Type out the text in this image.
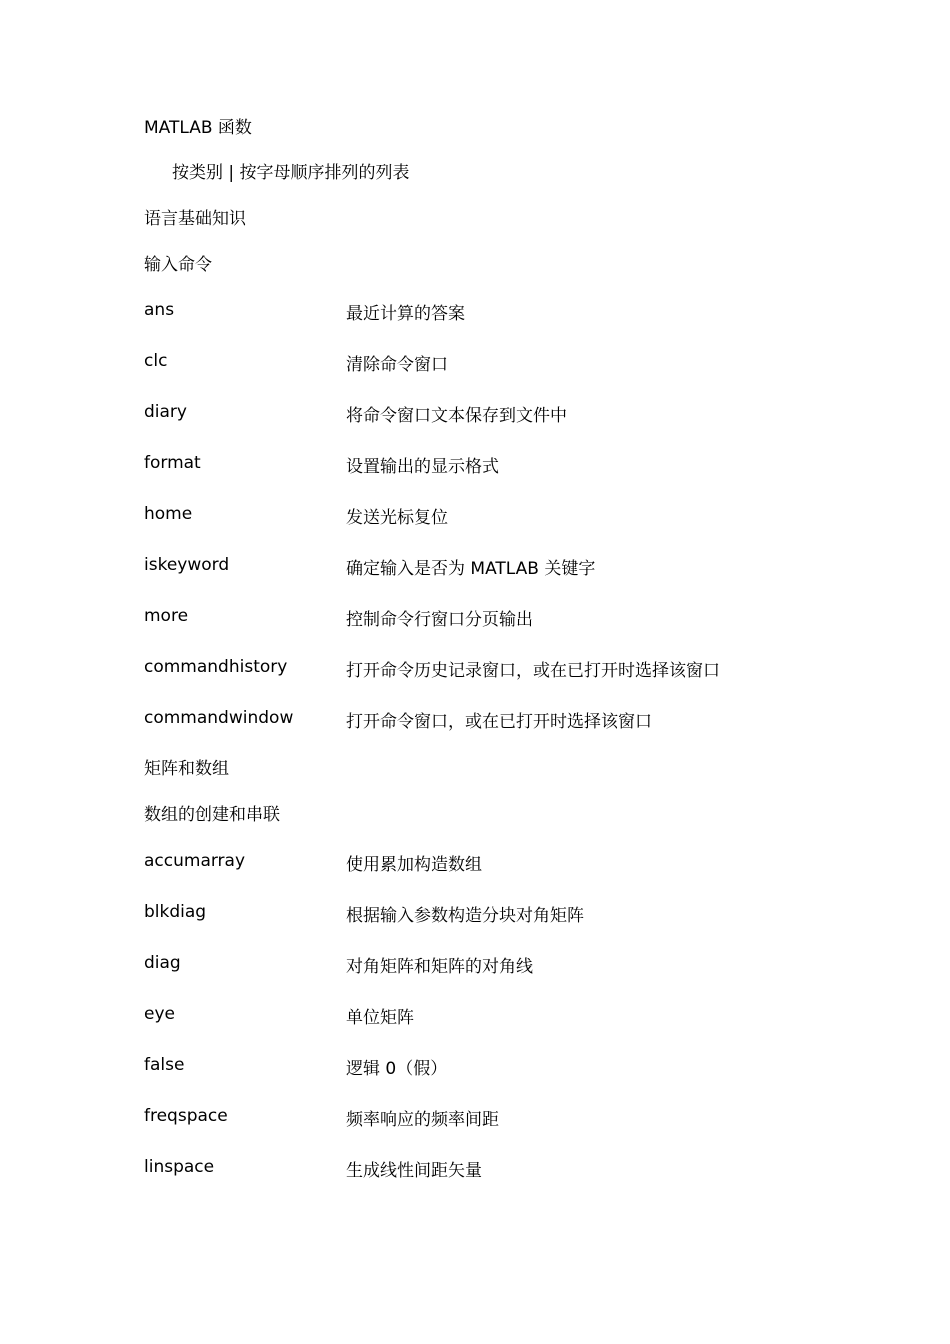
MATLAB 函数
按类别 | 按字母顺序排列的列表
语言基础知识
输入命令
ans	最近计算的答案
clc	清除命令窗口
diary	将命令窗口文本保存到文件中
format	设置输出的显示格式
home	发送光标复位
iskeyword	确定输入是否为 MATLAB 关键字
more	控制命令行窗口分页输出
commandhistory	打开命令历史记录窗口，或在已打开时选择该窗口
commandwindow	打开命令窗口，或在已打开时选择该窗口
矩阵和数组
数组的创建和串联
accumarray	使用累加构造数组
blkdiag	根据输入参数构造分块对角矩阵
diag	对角矩阵和矩阵的对角线
eye	单位矩阵
false	逻辑 0（假）
freqspace	频率响应的频率间距
linspace	生成线性间距矢量
